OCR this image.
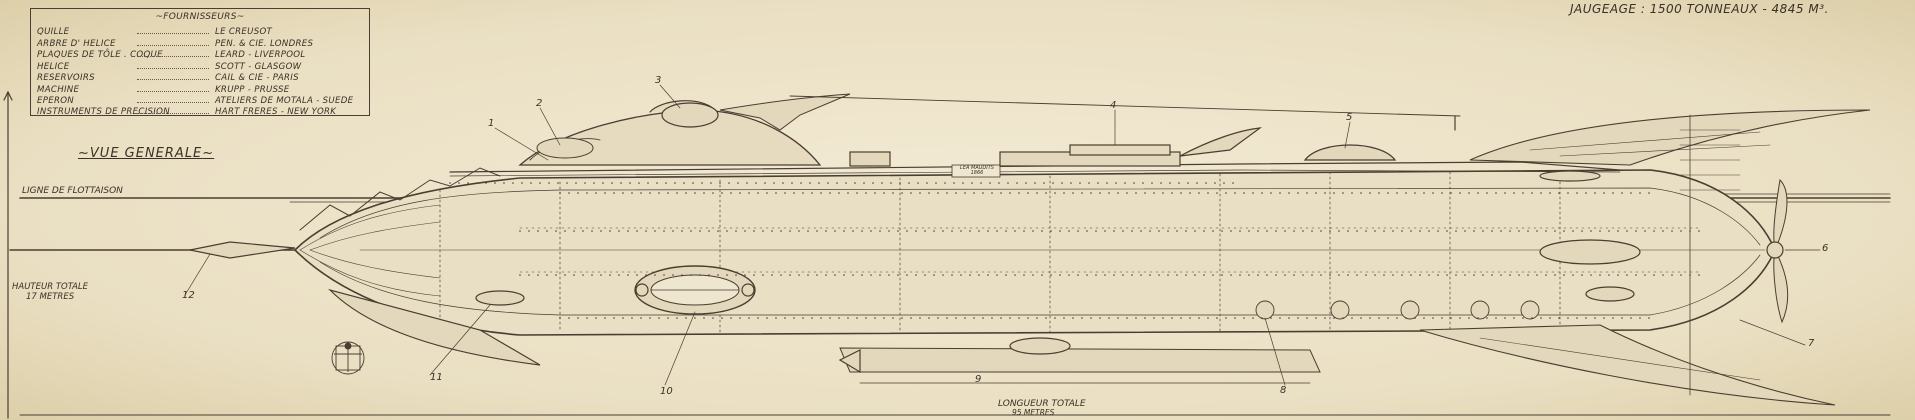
~FOURNISSEURS~
QUILLE	LE CREUSOT
ARBRE D' HELICE	PEN. & CIE. LONDRES
PLAQUES DE TÔLE . COQUE	LEARD - LIVERPOOL
HELICE	SCOTT - GLASGOW
RESERVOIRS	CAIL & CIE - PARIS
MACHINE	KRUPP - PRUSSE
EPERON	ATELIERS DE MOTALA - SUEDE
INSTRUMENTS DE PRECISION	HART FRERES - NEW YORK
JAUGEAGE : 1500 TONNEAUX - 4845 M³.
~VUE GENERALE~
LIGNE DE FLOTTAISON
HAUTEUR TOTALE
17 METRES
LONGUEUR TOTALE
95 METRES
LEA MAUDITS 1866
1
2
3
4
5
6
7
8
9
10
11
12
